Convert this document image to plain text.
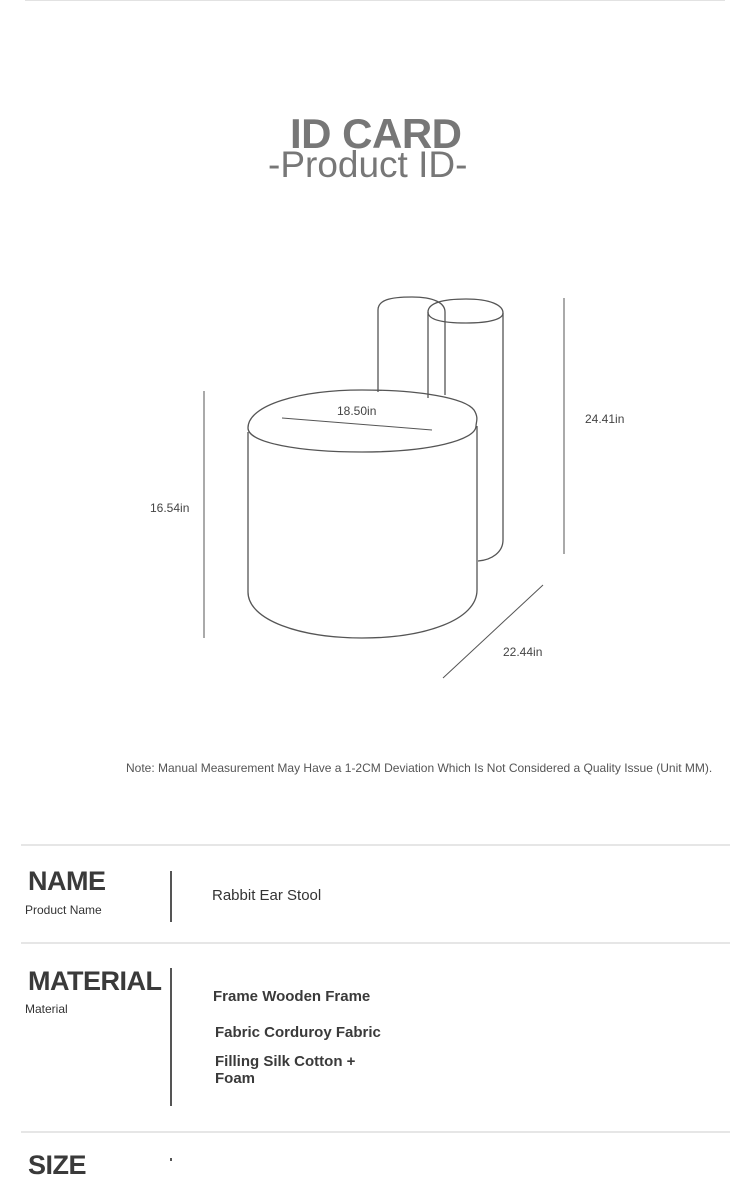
ID CARD
-Product ID-
18.50in
24.41in
16.54in
22.44in
Note: Manual Measurement May Have a 1-2CM Deviation Which Is Not Considered a Quality Issue (Unit MM).
NAME
Product Name
Rabbit Ear Stool
MATERIAL
Material
Frame Wooden Frame
Fabric Corduroy Fabric
Filling Silk Cotton + Foam
SIZE
